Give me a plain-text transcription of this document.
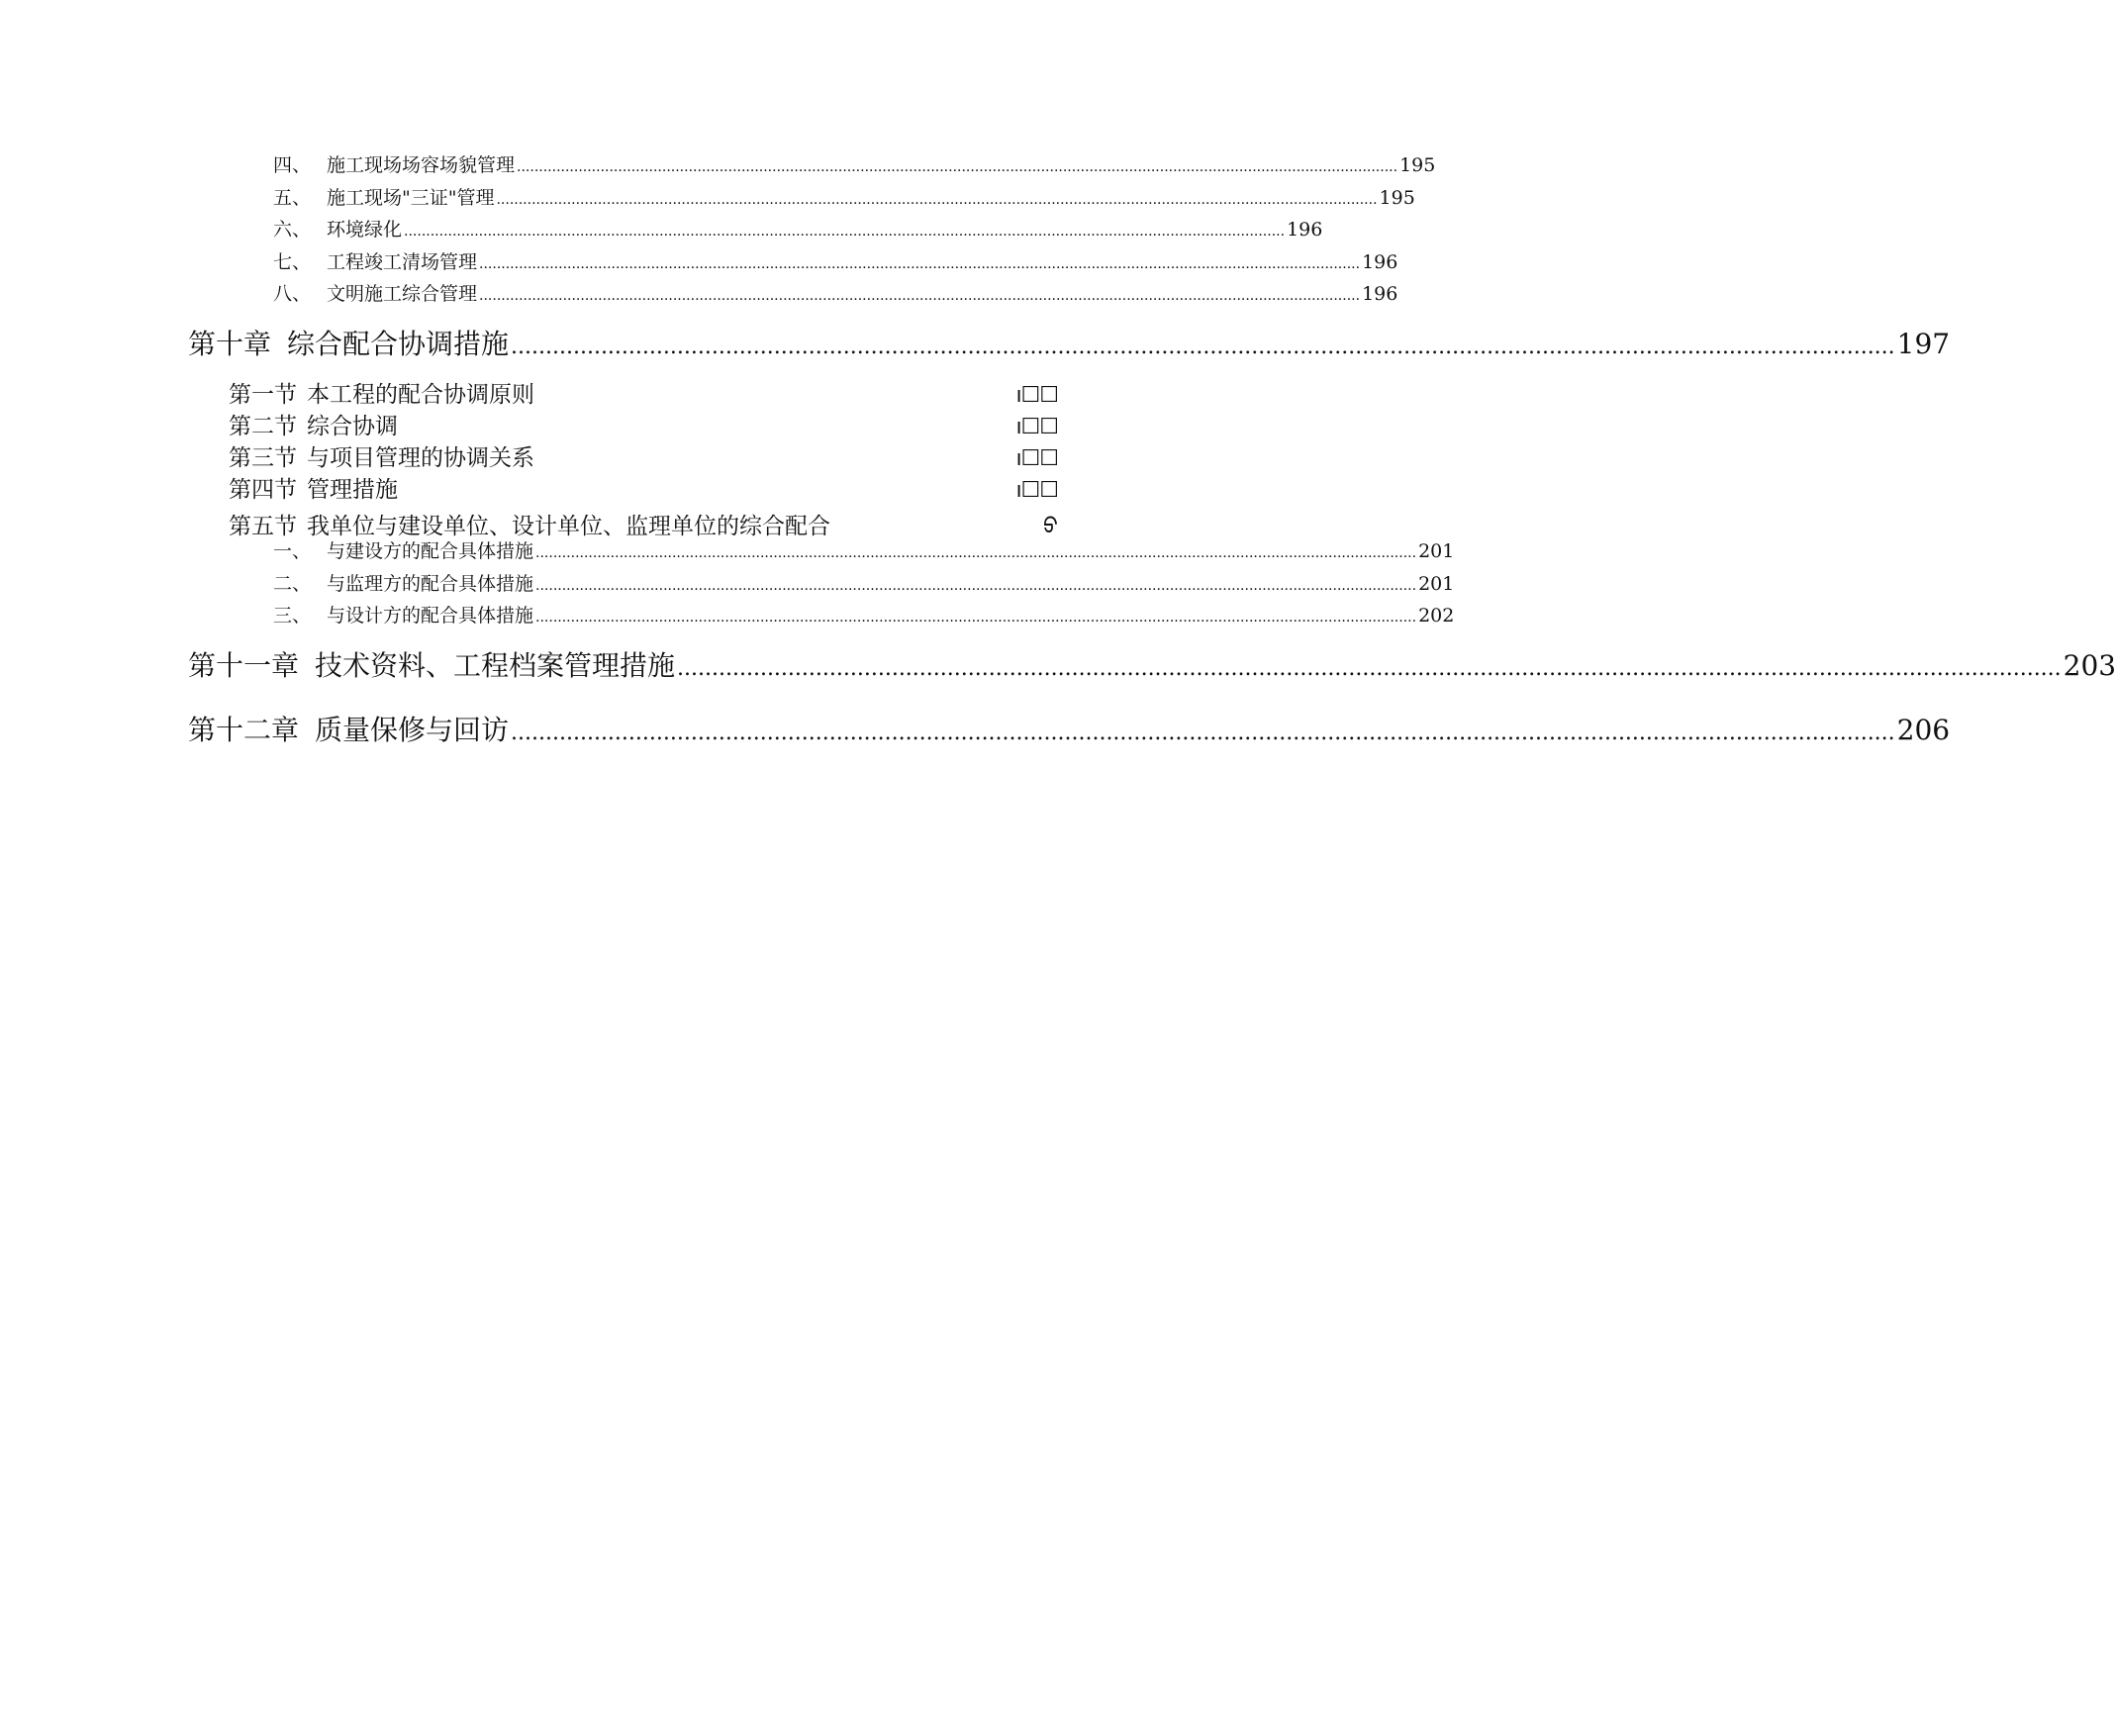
四、 施工现场场容场貌管理 ........................................................................................................................................................................................................ 195
五、 施工现场"三证"管理 ........................................................................................................................................................................................................ 195
六、 环境绿化 ........................................................................................................................................................................................................ 196
七、 工程竣工清场管理 ........................................................................................................................................................................................................ 196
八、 文明施工综合管理 ........................................................................................................................................................................................................ 196
第十章 综合配合协调措施 ........................................................................................................................................................................................................ 197
第一节 本工程的配合协调原则	ı☐☐
第二节 综合协调	ı☐☐
第三节 与项目管理的协调关系	ı☐☐
第四节 管理措施	ı☐☐
第五节 我单位与建设单位、设计单位、监理单位的综合配合	ᢒ
一、 与建设方的配合具体措施 ........................................................................................................................................................................................................ 201
二、 与监理方的配合具体措施 ........................................................................................................................................................................................................ 201
三、 与设计方的配合具体措施 ........................................................................................................................................................................................................ 202
第十一章 技术资料、工程档案管理措施 ........................................................................................................................................................................................................ 203
第十二章 质量保修与回访 ........................................................................................................................................................................................................ 206
